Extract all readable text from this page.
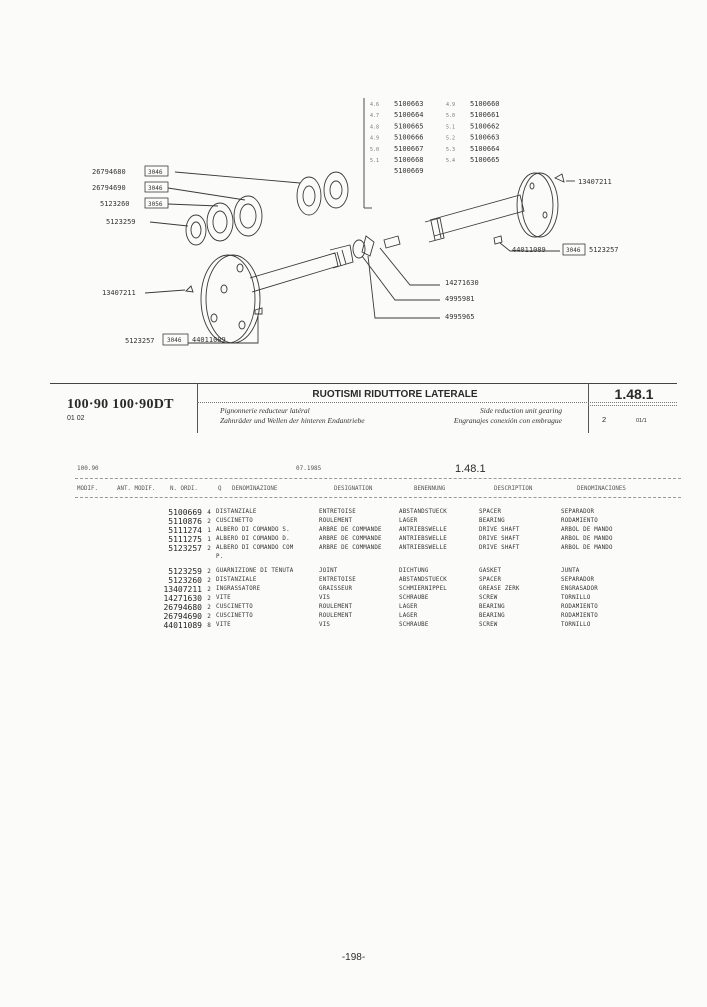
4.6 5100663	4.9 5100660
4.7 5100664	5.0 5100661
4.8 5100665	5.1 5100662
4.9 5100666	5.2 5100663
5.0 5100667	5.3 5100664
5.1 5100668	5.4 5100665
5100669
26794680	3046
26794690	3046
5123260	3056
5123259
13407211
5123257 3046 44011089
13407211
44011089	3046 5123257
14271630
4995981
4995965
100·90 100·90DT
01 02
RUOTISMI RIDUTTORE LATERALE
Pignonnerie reducteur latéral
Zahnräder und Wellen der hinteren Endantriebe
Side reduction unit gearing
Engranajes conexión con embrague
1.48.1
2	01/1
100.90	07.1985	1.48.1
MODIF.	ANT. MODIF.	N. ORDI.	Q DENOMINAZIONE	DESIGNATION	BENENNUNG	DESCRIPTION	DENOMINACIONES
5100669	4	DISTANZIALE	ENTRETOISE	ABSTANDSTUECK	SPACER	SEPARADOR
5110876	2	CUSCINETTO	ROULEMENT	LAGER	BEARING	RODAMIENTO
5111274	1	ALBERO DI COMANDO S.	ARBRE DE COMMANDE	ANTRIEBSWELLE	DRIVE SHAFT	ARBOL DE MANDO
5111275	1	ALBERO DI COMANDO D.	ARBRE DE COMMANDE	ANTRIEBSWELLE	DRIVE SHAFT	ARBOL DE MANDO
5123257	2	ALBERO DI COMANDO COM	ARBRE DE COMMANDE	ANTRIEBSWELLE	DRIVE SHAFT	ARBOL DE MANDO
		P.				

5123259	2	GUARNIZIONE DI TENUTA	JOINT	DICHTUNG	GASKET	JUNTA
5123260	2	DISTANZIALE	ENTRETOISE	ABSTANDSTUECK	SPACER	SEPARADOR
13407211	2	INGRASSATORE	GRAISSEUR	SCHMIERNIPPEL	GREASE ZERK	ENGRASADOR
14271630	2	VITE	VIS	SCHRAUBE	SCREW	TORNILLO
26794680	2	CUSCINETTO	ROULEMENT	LAGER	BEARING	RODAMIENTO
26794690	2	CUSCINETTO	ROULEMENT	LAGER	BEARING	RODAMIENTO
44011089	8	VITE	VIS	SCHRAUBE	SCREW	TORNILLO
-198-
